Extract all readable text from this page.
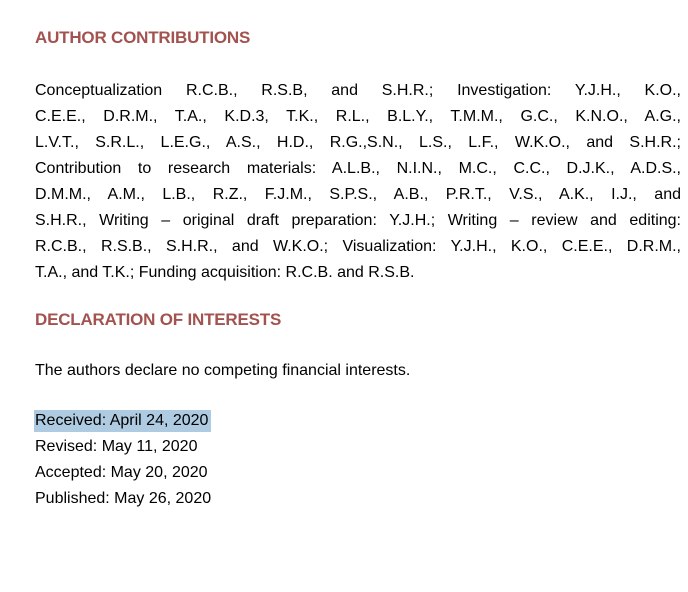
AUTHOR CONTRIBUTIONS
Conceptualization R.C.B., R.S.B, and S.H.R.; Investigation: Y.J.H., K.O.,
C.E.E., D.R.M., T.A., K.D.3, T.K., R.L., B.L.Y., T.M.M., G.C., K.N.O., A.G.,
L.V.T., S.R.L., L.E.G., A.S., H.D., R.G.,S.N., L.S., L.F., W.K.O., and S.H.R.;
Contribution to research materials: A.L.B., N.I.N., M.C., C.C., D.J.K., A.D.S.,
D.M.M., A.M., L.B., R.Z., F.J.M., S.P.S., A.B., P.R.T., V.S., A.K., I.J., and
S.H.R., Writing – original draft preparation: Y.J.H.; Writing – review and editing:
R.C.B., R.S.B., S.H.R., and W.K.O.; Visualization: Y.J.H., K.O., C.E.E., D.R.M.,
T.A., and T.K.; Funding acquisition: R.C.B. and R.S.B.
DECLARATION OF INTERESTS

The authors declare no competing financial interests.

Received: April 24, 2020
Revised: May 11, 2020
Accepted: May 20, 2020
Published: May 26, 2020
